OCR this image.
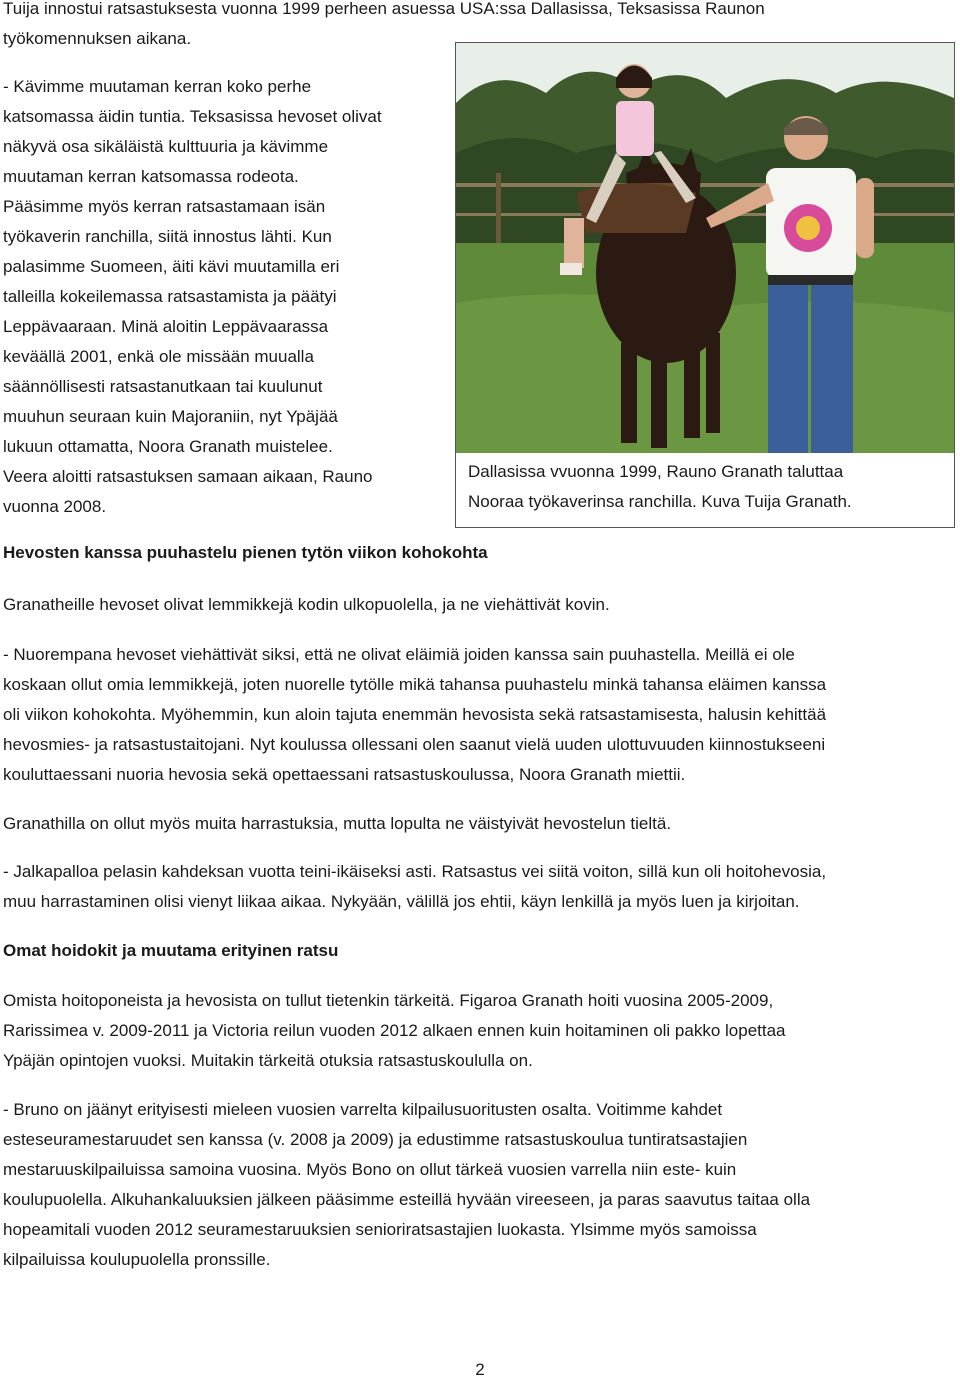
Tuija innostui ratsastuksesta vuonna 1999 perheen asuessa USA:ssa Dallasissa, Teksasissa Raunon
työkomennuksen aikana.

- Kävimme muutaman kerran koko perhe
katsomassa äidin tuntia. Teksasissa hevoset olivat
näkyvä osa sikäläistä kulttuuria ja kävimme
muutaman kerran katsomassa rodeota.
Pääsimme myös kerran ratsastamaan isän
työkaverin ranchilla, siitä innostus lähti. Kun
palasimme Suomeen, äiti kävi muutamilla eri
talleilla kokeilemassa ratsastamista ja päätyi
Leppävaaraan. Minä aloitin Leppävaarassa
keväällä 2001, enkä ole missään muualla
säännöllisesti ratsastanutkaan tai kuulunut
muuhun seuraan kuin Majoraniin, nyt Ypäjää
lukuun ottamatta, Noora Granath muistelee.
Veera aloitti ratsastuksen samaan aikaan, Rauno
vuonna 2008.

Dallasissa vvuonna 1999, Rauno Granath taluttaa
Nooraa työkaverinsa ranchilla. Kuva Tuija Granath.

Hevosten kanssa puuhastelu pienen tytön viikon kohokohta

Granatheille hevoset olivat lemmikkejä kodin ulkopuolella, ja ne viehättivät kovin.

- Nuorempana hevoset viehättivät siksi, että ne olivat eläimiä joiden kanssa sain puuhastella. Meillä ei ole
koskaan ollut omia lemmikkejä, joten nuorelle tytölle mikä tahansa puuhastelu minkä tahansa eläimen kanssa
oli viikon kohokohta. Myöhemmin, kun aloin tajuta enemmän hevosista sekä ratsastamisesta, halusin kehittää
hevosmies- ja ratsastustaitojani. Nyt koulussa ollessani olen saanut vielä uuden ulottuvuuden kiinnostukseeni
kouluttaessani nuoria hevosia sekä opettaessani ratsastuskoulussa, Noora Granath miettii.

Granathilla on ollut myös muita harrastuksia, mutta lopulta ne väistyivät hevostelun tieltä.

- Jalkapalloa pelasin kahdeksan vuotta teini-ikäiseksi asti. Ratsastus vei siitä voiton, sillä kun oli hoitohevosia,
muu harrastaminen olisi vienyt liikaa aikaa. Nykyään, välillä jos ehtii, käyn lenkillä ja myös luen ja kirjoitan.

Omat hoidokit ja muutama erityinen ratsu

Omista hoitoponeista ja hevosista on tullut tietenkin tärkeitä. Figaroa Granath hoiti vuosina 2005-2009,
Rarissimea v. 2009-2011 ja Victoria reilun vuoden 2012 alkaen ennen kuin hoitaminen oli pakko lopettaa
Ypäjän opintojen vuoksi. Muitakin tärkeitä otuksia ratsastuskoululla on.

- Bruno on jäänyt erityisesti mieleen vuosien varrelta kilpailusuoritusten osalta. Voitimme kahdet
esteseuramestaruudet sen kanssa (v. 2008 ja 2009) ja edustimme ratsastuskoulua tuntiratsastajien
mestaruuskilpailuissa samoina vuosina. Myös Bono on ollut tärkeä vuosien varrella niin este- kuin
koulupuolella. Alkuhankaluuksien jälkeen pääsimme esteillä hyvään vireeseen, ja paras saavutus taitaa olla
hopeamitali vuoden 2012 seuramestaruuksien senioriratsastajien luokasta. Ylsimme myös samoissa
kilpailuissa koulupuolella pronssille.

2
